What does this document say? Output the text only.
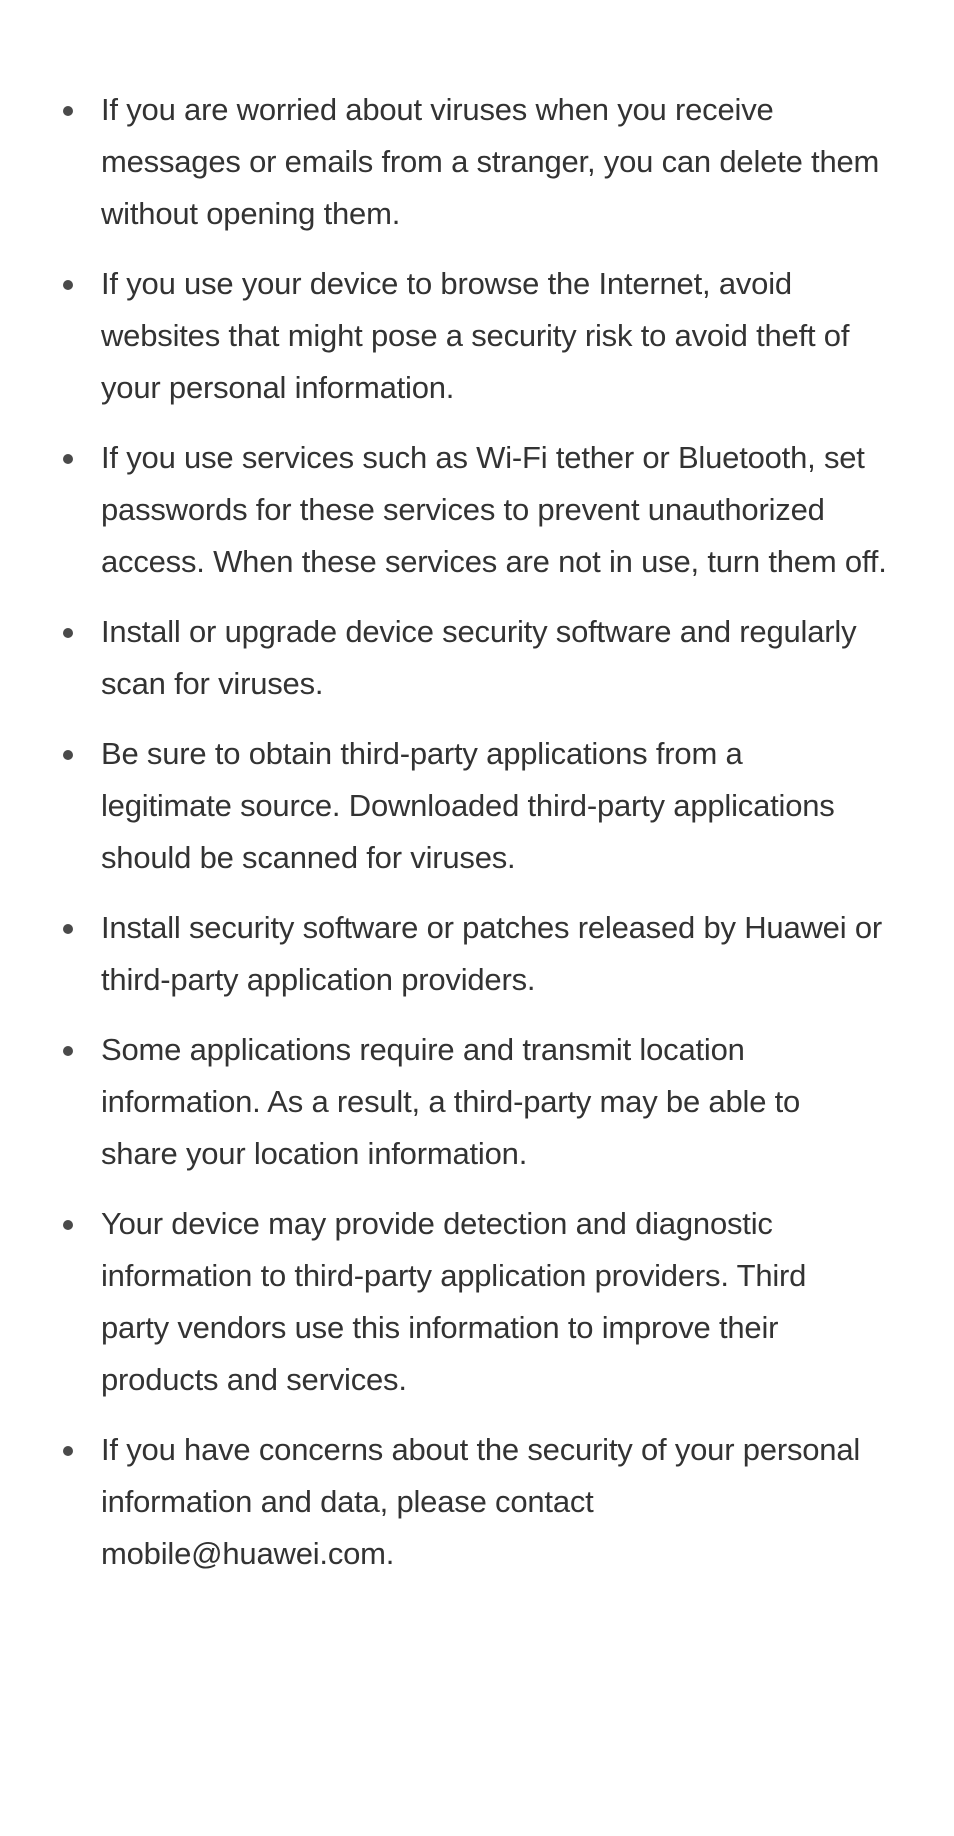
If you are worried about viruses when you receive
messages or emails from a stranger, you can delete them
without opening them.
If you use your device to browse the Internet, avoid
websites that might pose a security risk to avoid theft of
your personal information.
If you use services such as Wi-Fi tether or Bluetooth, set
passwords for these services to prevent unauthorized
access. When these services are not in use, turn them off.
Install or upgrade device security software and regularly
scan for viruses.
Be sure to obtain third-party applications from a
legitimate source. Downloaded third-party applications
should be scanned for viruses.
Install security software or patches released by Huawei or
third-party application providers.
Some applications require and transmit location
information. As a result, a third-party may be able to
share your location information.
Your device may provide detection and diagnostic
information to third-party application providers. Third
party vendors use this information to improve their
products and services.
If you have concerns about the security of your personal
information and data, please contact
mobile@huawei.com.
